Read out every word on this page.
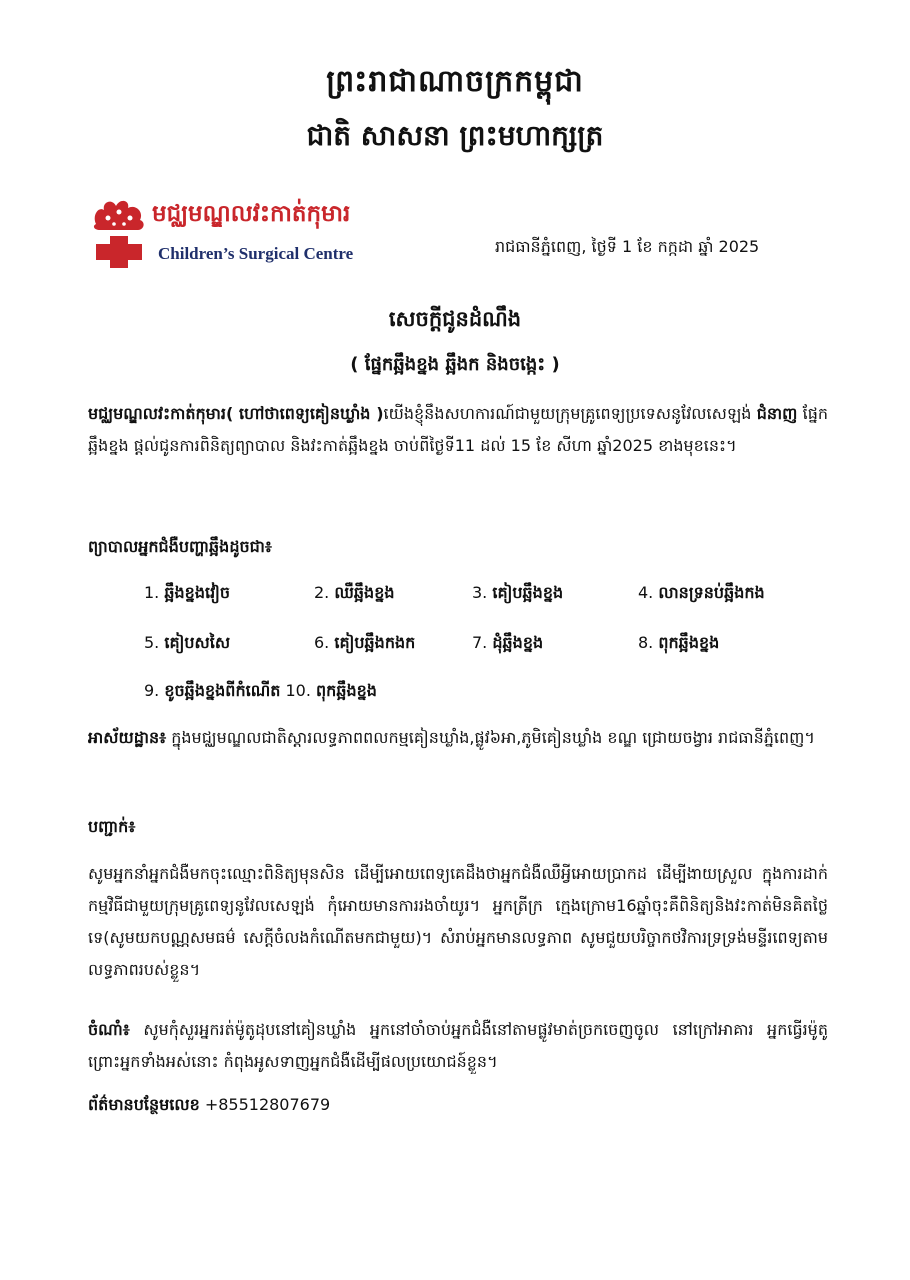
ព្រះរាជាណាចក្រកម្ពុជា
ជាតិ សាសនា ព្រះមហាក្សត្រ
មជ្ឈមណ្ឌលវះកាត់កុមារ
Children’s Surgical Centre	រាជធានីភ្នំពេញ, ថ្ងៃទី 1 ខែ កក្កដា ឆ្នាំ 2025
សេចក្តីជូនដំណឹង
( ផ្នែកឆ្អឹងខ្នង ឆ្អឹងក និងចង្កេះ )
មជ្ឈមណ្ឌលវះកាត់កុមារ( ហៅថាពេទ្យគៀនឃ្លាំង )យើងខ្ញុំនឹងសហការណ៍ជាមួយក្រុមគ្រូពេទ្យប្រទេសនូវែលសេឡង់ ជំនាញ ផ្នែកឆ្អឹងខ្នង ផ្តល់ជូនការពិនិត្យព្យាបាល និងវះកាត់ឆ្អឹងខ្នង ចាប់ពីថ្ងៃទី11 ដល់ 15 ខែ សីហា ឆ្នាំ2025 ខាងមុខនេះ។
ព្យាបាលអ្នកជំងឺបញ្ហាឆ្អឹងដូចជា៖
1. ឆ្អឹងខ្នងវៀច	2. ឈឺឆ្អឹងខ្នង	3. គៀបឆ្អឹងខ្នង	4. លានទ្រនប់ឆ្អឹងកង
5. គៀបសសៃ	6. គៀបឆ្អឹងកងក	7. ដុំឆ្អឹងខ្នង	8. ពុកឆ្អឹងខ្នង
9. ខូចឆ្អឹងខ្នងពីកំណើត 10. ពុកឆ្អឹងខ្នង
អាស័យដ្ឋាន៖ ក្នុងមជ្ឈមណ្ឌលជាតិស្តារលទ្ធភាពពលកម្មគៀនឃ្លាំង,ផ្លូវ៦អា,ភូមិគៀនឃ្លាំង ខណ្ឌ ជ្រោយចង្វារ រាជធានីភ្នំពេញ។
បញ្ជាក់៖
សូមអ្នកនាំអ្នកជំងឺមកចុះឈ្មោះពិនិត្យមុនសិន ដើម្បីអោយពេទ្យគេដឹងថាអ្នកជំងឺឈឺអ្វីអោយប្រាកដ ដើម្បីងាយស្រួល ក្នុងការដាក់កម្មវិធីជាមួយក្រុមគ្រូពេទ្យនូវែលសេឡង់ កុំអោយមានការរងចាំយូរ។ អ្នកត្រីក្រ ក្មេងក្រោម16ឆ្នាំចុះគឺពិនិត្យនិងវះកាត់មិនគិតថ្លៃទេ(សូមយកបណ្ណសមធម៌ សេក្តីចំលងកំណើតមកជាមួយ)។ សំរាប់អ្នកមានលទ្ធភាព សូមជួយបរិច្ចាកថវិការទ្រទ្រង់មន្ទីរពេទ្យតាមលទ្ធភាពរបស់ខ្លួន។
ចំណាំ៖ សូមកុំសួរអ្នករត់ម៉ូតូដុបនៅគៀនឃ្លាំង អ្នកនៅចាំចាប់អ្នកជំងឺនៅតាមផ្លូវមាត់ច្រកចេញចូល នៅក្រៅអាគារ អ្នកធ្វើរម៉ូតូ ព្រោះអ្នកទាំងអស់នោះ កំពុងអូសទាញអ្នកជំងឺដើម្បីផលប្រយោជន៍ខ្លួន។
ព័ត៌មានបន្ថែមលេខ +85512807679
